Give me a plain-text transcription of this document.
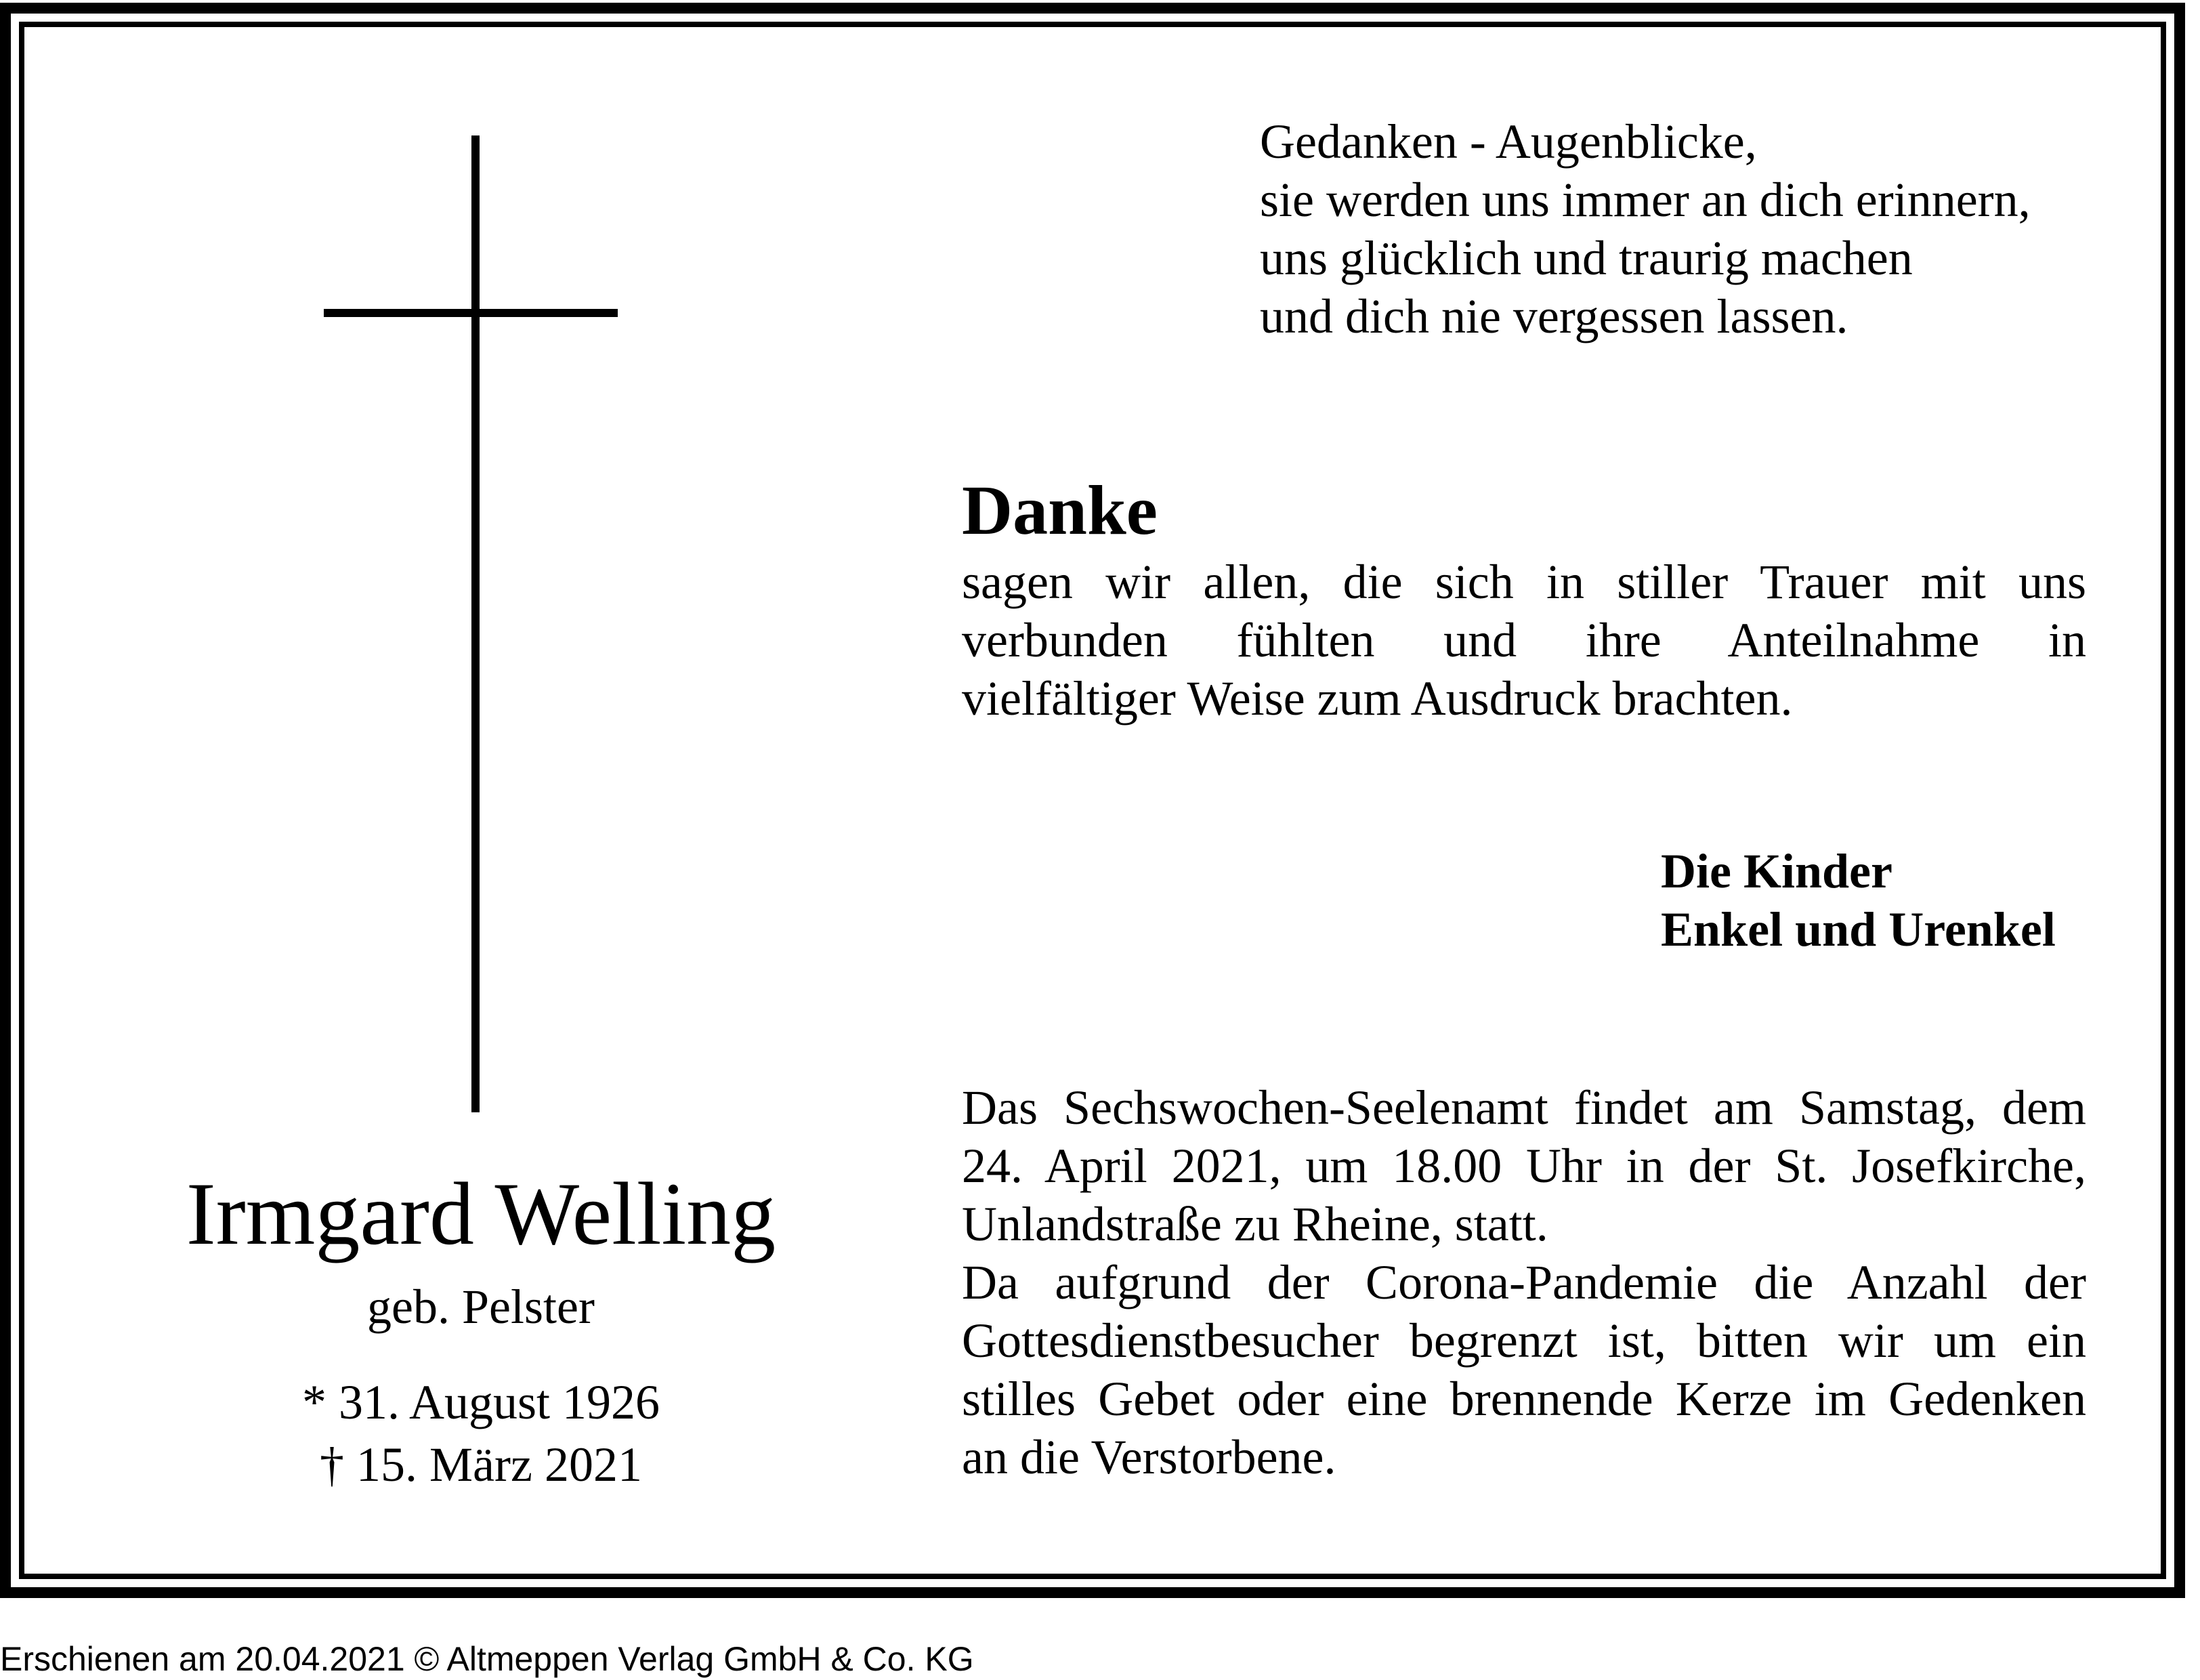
Gedanken - Augenblicke,
sie werden uns immer an dich erinnern,
uns glücklich und traurig machen
und dich nie vergessen lassen.
Danke
sagen wir allen, die sich in stiller Trauer mit uns
verbunden fühlten und ihre Anteilnahme in
vielfältiger Weise zum Ausdruck brachten.
Die Kinder
Enkel und Urenkel
Irmgard Welling
geb. Pelster
* 31. August 1926
† 15. März 2021
Das Sechswochen-Seelenamt findet am Samstag, dem
24. April 2021, um 18.00 Uhr in der St. Josefkirche,
Unlandstraße zu Rheine, statt.
Da aufgrund der Corona-Pandemie die Anzahl der
Gottesdienstbesucher begrenzt ist, bitten wir um ein
stilles Gebet oder eine brennende Kerze im Gedenken
an die Verstorbene.
Erschienen am 20.04.2021 © Altmeppen Verlag GmbH & Co. KG
